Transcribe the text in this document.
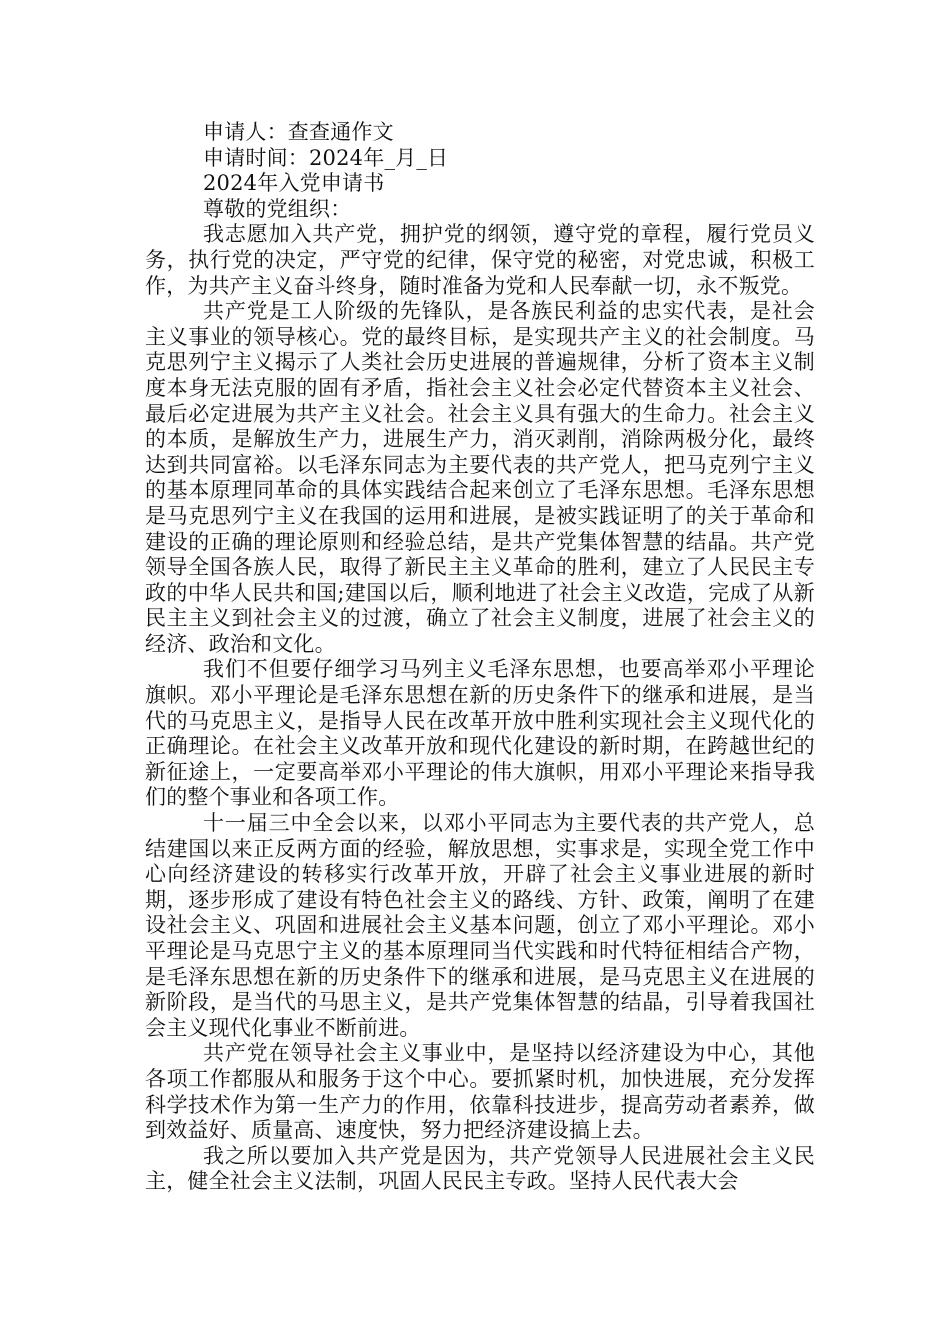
申请人：查查通作文

申请时间：2024年_月_日

2024年入党申请书

尊敬的党组织：

我志愿加入共产党，拥护党的纲领，遵守党的章程，履行党员义务，执行党的决定，严守党的纪律，保守党的秘密，对党忠诚，积极工作，为共产主义奋斗终身，随时准备为党和人民奉献一切，永不叛党。

共产党是工人阶级的先锋队，是各族民利益的忠实代表，是社会主义事业的领导核心。党的最终目标，是实现共产主义的社会制度。马克思列宁主义揭示了人类社会历史进展的普遍规律，分析了资本主义制度本身无法克服的固有矛盾，指社会主义社会必定代替资本主义社会、最后必定进展为共产主义社会。社会主义具有强大的生命力。社会主义的本质，是解放生产力，进展生产力，消灭剥削，消除两极分化，最终达到共同富裕。以毛泽东同志为主要代表的共产党人，把马克列宁主义的基本原理同革命的具体实践结合起来创立了毛泽东思想。毛泽东思想是马克思列宁主义在我国的运用和进展，是被实践证明了的关于革命和建设的正确的理论原则和经验总结，是共产党集体智慧的结晶。共产党领导全国各族人民，取得了新民主主义革命的胜利，建立了人民民主专政的中华人民共和国;建国以后，顺利地进了社会主义改造，完成了从新民主主义到社会主义的过渡，确立了社会主义制度，进展了社会主义的经济、政治和文化。

我们不但要仔细学习马列主义毛泽东思想，也要高举邓小平理论旗帜。邓小平理论是毛泽东思想在新的历史条件下的继承和进展，是当代的马克思主义，是指导人民在改革开放中胜利实现社会主义现代化的正确理论。在社会主义改革开放和现代化建设的新时期，在跨越世纪的新征途上，一定要高举邓小平理论的伟大旗帜，用邓小平理论来指导我们的整个事业和各项工作。

十一届三中全会以来，以邓小平同志为主要代表的共产党人，总结建国以来正反两方面的经验，解放思想，实事求是，实现全党工作中心向经济建设的转移实行改革开放，开辟了社会主义事业进展的新时期，逐步形成了建设有特色社会主义的路线、方针、政策，阐明了在建设社会主义、巩固和进展社会主义基本问题，创立了邓小平理论。邓小平理论是马克思宁主义的基本原理同当代实践和时代特征相结合产物，是毛泽东思想在新的历史条件下的继承和进展，是马克思主义在进展的新阶段，是当代的马思主义，是共产党集体智慧的结晶，引导着我国社会主义现代化事业不断前进。

共产党在领导社会主义事业中，是坚持以经济建设为中心，其他各项工作都服从和服务于这个中心。要抓紧时机，加快进展，充分发挥科学技术作为第一生产力的作用，依靠科技进步，提高劳动者素养，做到效益好、质量高、速度快，努力把经济建设搞上去。

我之所以要加入共产党是因为，共产党领导人民进展社会主义民主，健全社会主义法制，巩固人民民主专政。坚持人民代表大会
